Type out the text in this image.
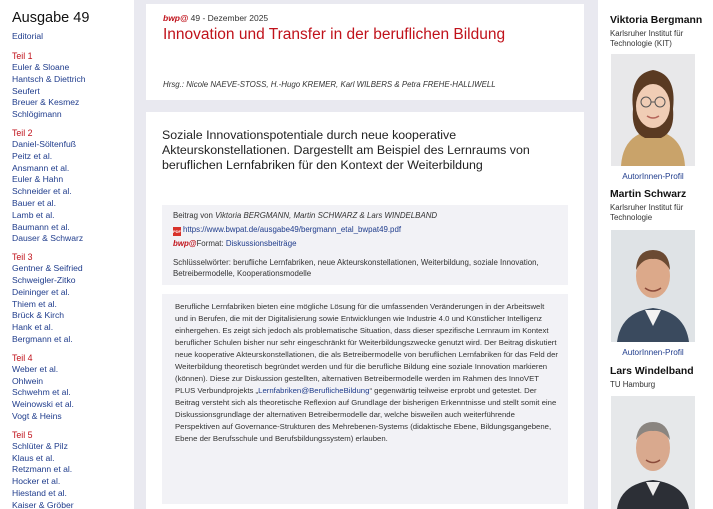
Ausgabe 49
Editorial
Teil 1
Euler & Sloane
Hantsch & Diettrich
Seufert
Breuer & Kesmez
Schlögimann
Teil 2
Daniel-Söltenfuß
Peitz et al.
Ansmann et al.
Euler & Hahn
Schneider et al.
Bauer et al.
Lamb et al.
Baumann et al.
Dauser & Schwarz
Teil 3
Gentner & Seifried
Schweigler-Zitko
Deininger et al.
Thiem et al.
Brück & Kirch
Hank et al.
Bergmann et al.
Teil 4
Weber et al.
Ohlwein
Schwehm et al.
Weinowski et al.
Vogt & Heins
Teil 5
Schlüter & Pilz
Klaus et al.
Retzmann et al.
Hocker et al.
Hiestand et al.
Kaiser & Gröber
bwp@ 49 - Dezember 2025
Innovation und Transfer in der beruflichen Bildung
Hrsg.: Nicole NAEVE-STOSS, H.-Hugo KREMER, Karl WILBERS & Petra FREHE-HALLIWELL
Soziale Innovationspotentiale durch neue kooperative Akteurskonstellationen. Dargestellt am Beispiel des Lernraums von beruflichen Lernfabriken für den Kontext der Weiterbildung
Beitrag von Viktoria BERGMANN, Martin SCHWARZ & Lars WINDELBAND
PDF https://www.bwpat.de/ausgabe49/bergmann_etal_bwpat49.pdf
bwp@Format: Diskussionsbeiträge
Schlüsselwörter: berufliche Lernfabriken, neue Akteurskonstellationen, Weiterbildung, soziale Innovation, Betreibermodelle, Kooperationsmodelle
Berufliche Lernfabriken bieten eine mögliche Lösung für die umfassenden Veränderungen in der Arbeitswelt und in Berufen, die mit der Digitalisierung sowie Entwicklungen wie Industrie 4.0 und Künstlicher Intelligenz einhergehen. Es zeigt sich jedoch als problematische Situation, dass dieser spezifische Lernraum im Kontext beruflicher Schulen bisher nur sehr eingeschränkt für Weiterbildungszwecke genutzt wird. Der Beitrag diskutiert neue kooperative Akteurskonstellationen, die als Betreibermodelle von beruflichen Lernfabriken für das Feld der Weiterbildung theoretisch begründet werden und für die berufliche Bildung eine soziale Innovation markieren (können). Diese zur Diskussion gestellten, alternativen Betreibermodelle werden im Rahmen des InnoVET PLUS Verbundprojekts „Lernfabriken@BeruflicheBildung“ gegenwärtig teilweise erprobt und getestet. Der Beitrag versteht sich als theoretische Reflexion auf Grundlage der bisherigen Erkenntnisse und stellt somit eine Diskussionsgrundlage der alternativen Betreibermodelle dar, welche bisweilen auch weiterführende Perspektiven auf Governance-Strukturen des Mehrebenen-Systems (didaktische Ebene, Bildungsgangebene, Ebene der Berufsschule und Berufsbildungssystem) erlauben.
Viktoria Bergmann
Karlsruher Institut für Technologie (KIT)
AutorInnen-Profil
Martin Schwarz
Karlsruher Institut für Technologie
AutorInnen-Profil
Lars Windelband
TU Hamburg
